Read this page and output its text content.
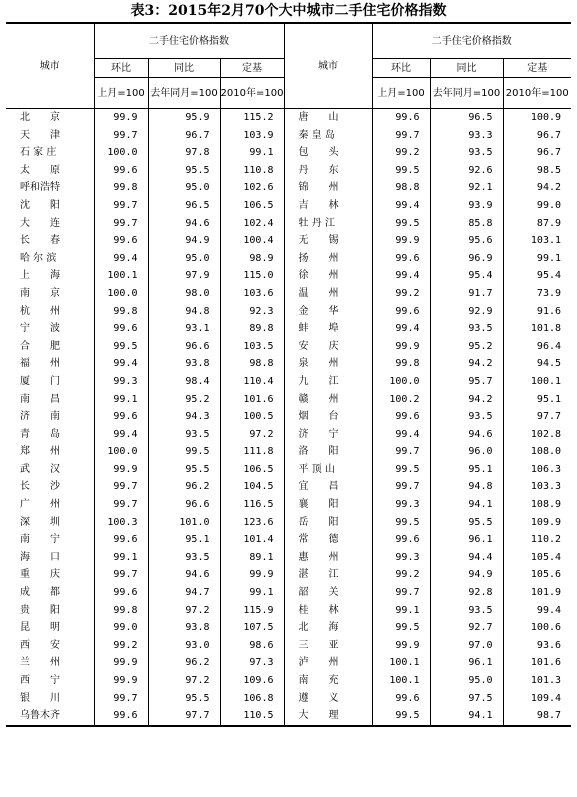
表3：2015年2月70个大中城市二手住宅价格指数
城市	二手住宅价格指数			城市	二手住宅价格指数		
	环比	同比	定基		环比	同比	定基
	上月=100	去年同月=100	2010年=100		上月=100	去年同月=100	2010年=100
北　　京	99.9	95.9	115.2	唐　　山	99.6	96.5	100.9
天　　津	99.7	96.7	103.9	秦 皇 岛	99.7	93.3	96.7
石 家 庄	100.0	97.8	99.1	包　　头	99.2	93.5	96.7
太　　原	99.6	95.5	110.8	丹　　东	99.5	92.6	98.5
呼和浩特	99.8	95.0	102.6	锦　　州	98.8	92.1	94.2
沈　　阳	99.7	96.5	106.5	吉　　林	99.4	93.9	99.0
大　　连	99.7	94.6	102.4	牡 丹 江	99.5	85.8	87.9
长　　春	99.6	94.9	100.4	无　　锡	99.9	95.6	103.1
哈 尔 滨	99.4	95.0	98.9	扬　　州	99.6	96.9	99.1
上　　海	100.1	97.9	115.0	徐　　州	99.4	95.4	95.4
南　　京	100.0	98.0	103.6	温　　州	99.2	91.7	73.9
杭　　州	99.8	94.8	92.3	金　　华	99.6	92.9	91.6
宁　　波	99.6	93.1	89.8	蚌　　埠	99.4	93.5	101.8
合　　肥	99.5	96.6	103.5	安　　庆	99.9	95.2	96.4
福　　州	99.4	93.8	98.8	泉　　州	99.8	94.2	94.5
厦　　门	99.3	98.4	110.4	九　　江	100.0	95.7	100.1
南　　昌	99.1	95.2	101.6	赣　　州	100.2	94.2	95.1
济　　南	99.6	94.3	100.5	烟　　台	99.6	93.5	97.7
青　　岛	99.4	93.5	97.2	济　　宁	99.4	94.6	102.8
郑　　州	100.0	99.5	111.8	洛　　阳	99.7	96.0	108.0
武　　汉	99.9	95.5	106.5	平 顶 山	99.5	95.1	106.3
长　　沙	99.7	96.2	104.5	宜　　昌	99.7	94.8	103.3
广　　州	99.7	96.6	116.5	襄　　阳	99.3	94.1	108.9
深　　圳	100.3	101.0	123.6	岳　　阳	99.5	95.5	109.9
南　　宁	99.6	95.1	101.4	常　　德	99.6	96.1	110.2
海　　口	99.1	93.5	89.1	惠　　州	99.3	94.4	105.4
重　　庆	99.7	94.6	99.9	湛　　江	99.2	94.9	105.6
成　　都	99.6	94.7	99.1	韶　　关	99.7	92.8	101.9
贵　　阳	99.8	97.2	115.9	桂　　林	99.1	93.5	99.4
昆　　明	99.0	93.8	107.5	北　　海	99.5	92.7	100.6
西　　安	99.2	93.0	98.6	三　　亚	99.9	97.0	93.6
兰　　州	99.9	96.2	97.3	泸　　州	100.1	96.1	101.6
西　　宁	99.9	97.2	109.6	南　　充	100.1	95.0	101.3
银　　川	99.7	95.5	106.8	遵　　义	99.6	97.5	109.4
乌鲁木齐	99.6	97.7	110.5	大　　理	99.5	94.1	98.7
